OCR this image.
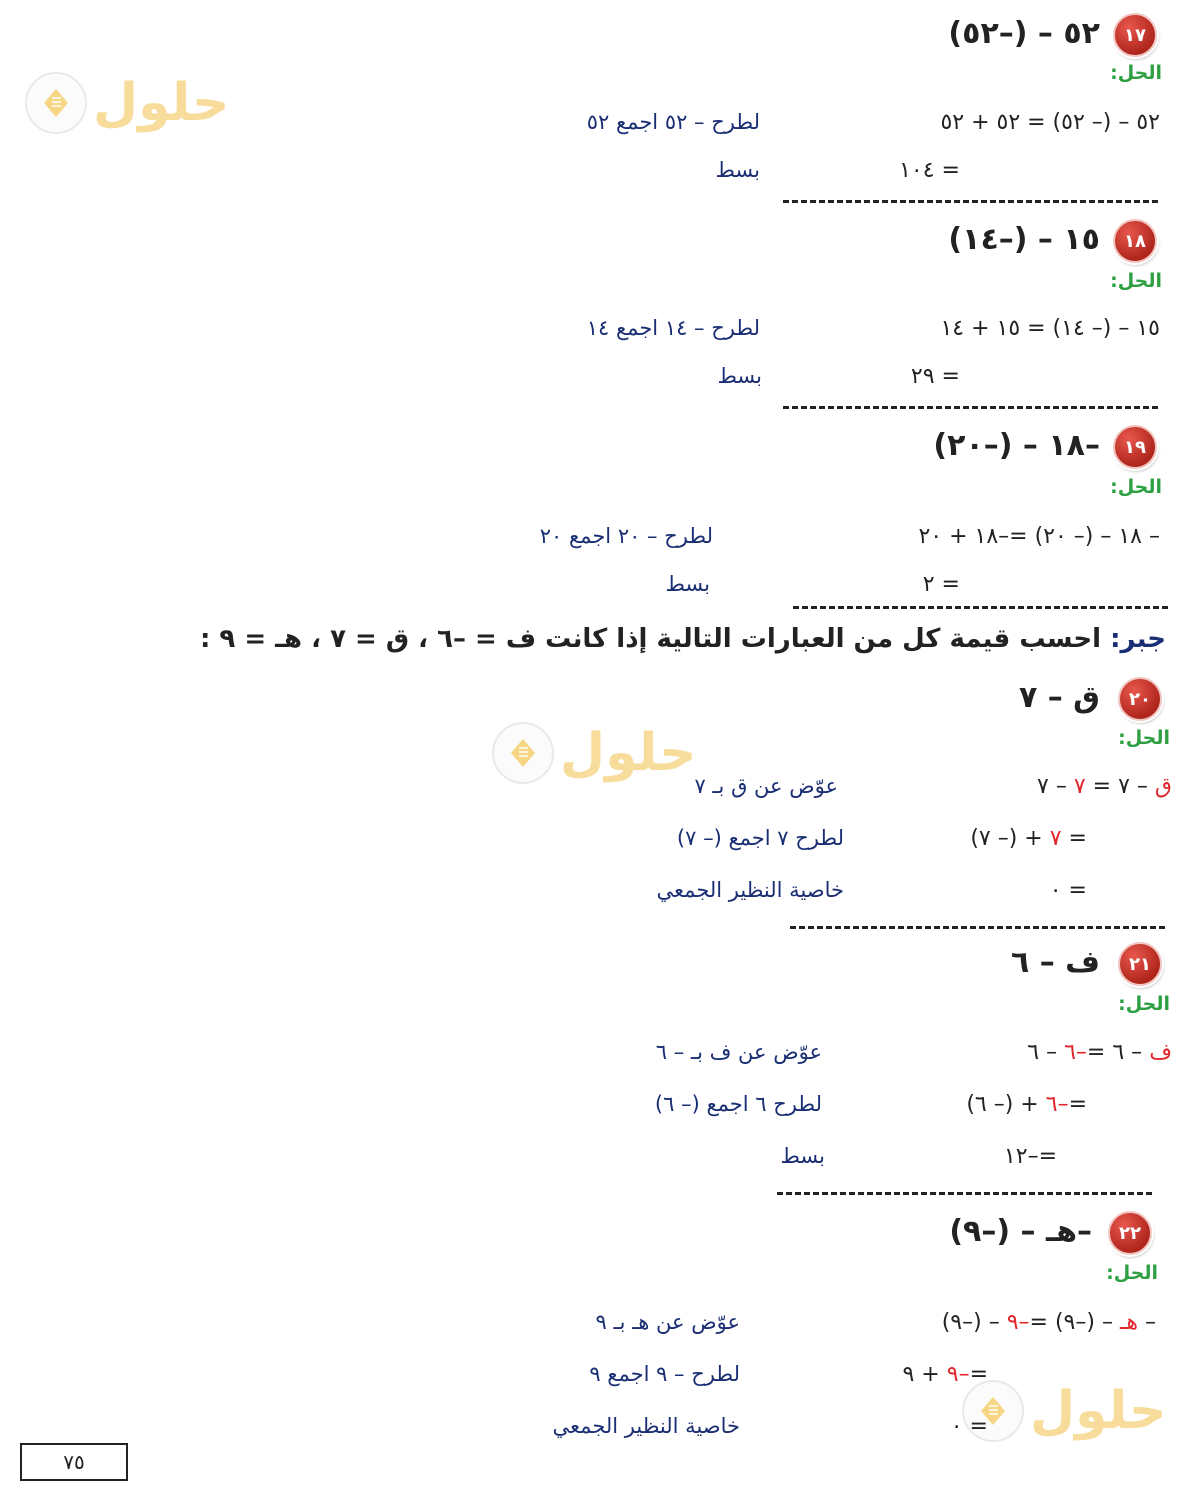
حلول
حلول
حلول
١٧
٥٢ – (–٥٢)
الحل:
٥٢ – (– ٥٢) = ٥٢ + ٥٢
لطرح – ٥٢ اجمع ٥٢
= ١٠٤
بسط
١٨
١٥ – (–١٤)
الحل:
١٥ – (– ١٤) = ١٥ + ١٤
لطرح – ١٤ اجمع ١٤
= ٢٩
بسط
١٩
–١٨ – (–٢٠)
الحل:
– ١٨ – (– ٢٠) =–١٨ + ٢٠
لطرح – ٢٠ اجمع ٢٠
= ٢
بسط
جبر: احسب قيمة كل من العبارات التالية إذا كانت ف = –٦ ، ق = ٧ ، هـ = ٩ :
٢٠
ق – ٧
الحل:
ق – ٧ = ٧ – ٧
عوّض عن ق بـ ٧
= ٧ + (– ٧)
لطرح ٧ اجمع (– ٧)
= ٠
خاصية النظير الجمعي
٢١
ف – ٦
الحل:
ف – ٦ =–٦ – ٦
عوّض عن ف بـ – ٦
=–٦ + (– ٦)
لطرح ٦ اجمع (– ٦)
=–١٢
بسط
٢٢
–هـ – (–٩)
الحل:
– هـ – (–٩) =–٩ – (–٩)
عوّض عن هـ بـ ٩
=–٩ + ٩
لطرح – ٩ اجمع ٩
= ٠
خاصية النظير الجمعي
٧٥
